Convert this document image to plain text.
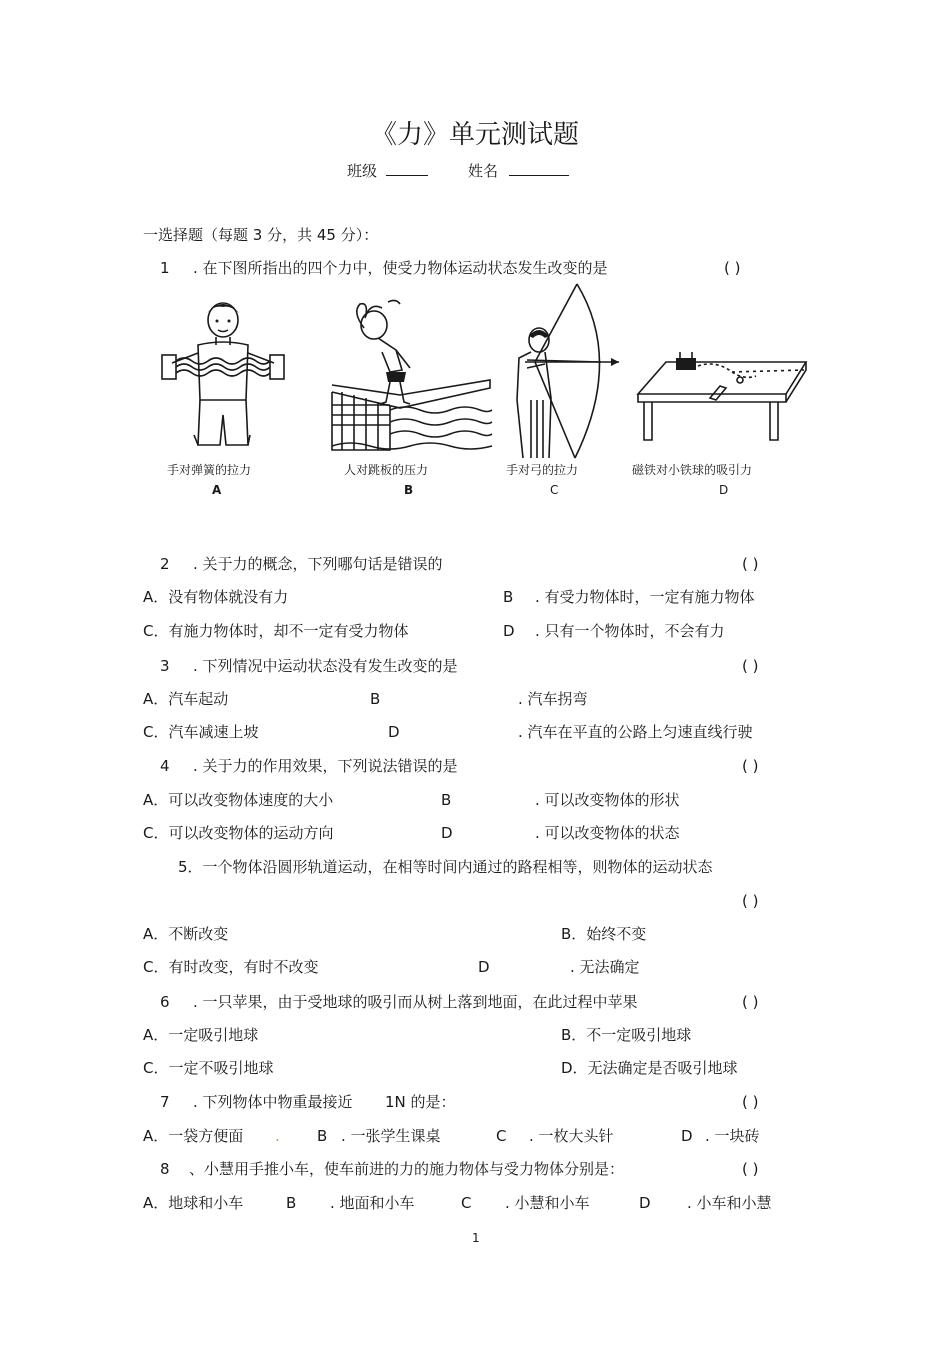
《力》单元测试题
班级	姓名
一选择题（每题 3 分，共 45 分）：
1 . 在下图所指出的四个力中，使受力物体运动状态发生改变的是	( )
手对弹簧的拉力	人对跳板的压力	手对弓的拉力	磁铁对小铁球的吸引力
A	B	C	D
2 . 关于力的概念，下列哪句话是错误的	( )
A．没有物体就没有力	B . 有受力物体时，一定有施力物体
C．有施力物体时，却不一定有受力物体	D . 只有一个物体时，不会有力
3 . 下列情况中运动状态没有发生改变的是	( )
A．汽车起动	B	. 汽车拐弯
C．汽车减速上坡	D	. 汽车在平直的公路上匀速直线行驶
4 . 关于力的作用效果，下列说法错误的是	( )
A．可以改变物体速度的大小	B	. 可以改变物体的形状
C．可以改变物体的运动方向	D	. 可以改变物体的状态
5．一个物体沿圆形轨道运动，在相等时间内通过的路程相等，则物体的运动状态
( )
A．不断改变	B．始终不变
C．有时改变，有时不改变	D	. 无法确定
6 . 一只苹果，由于受地球的吸引而从树上落到地面，在此过程中苹果	( )
A．一定吸引地球	B．不一定吸引地球
C．一定不吸引地球	D．无法确定是否吸引地球
7 . 下列物体中物重最接近 1N 的是：	( )
A．一袋方便面 . B . 一张学生课桌	C . 一枚大头针	D . 一块砖
8 、小慧用手推小车，使车前进的力的施力物体与受力物体分别是：	( )
A．地球和小车	B . 地面和小车	C . 小慧和小车	D . 小车和小慧
1
